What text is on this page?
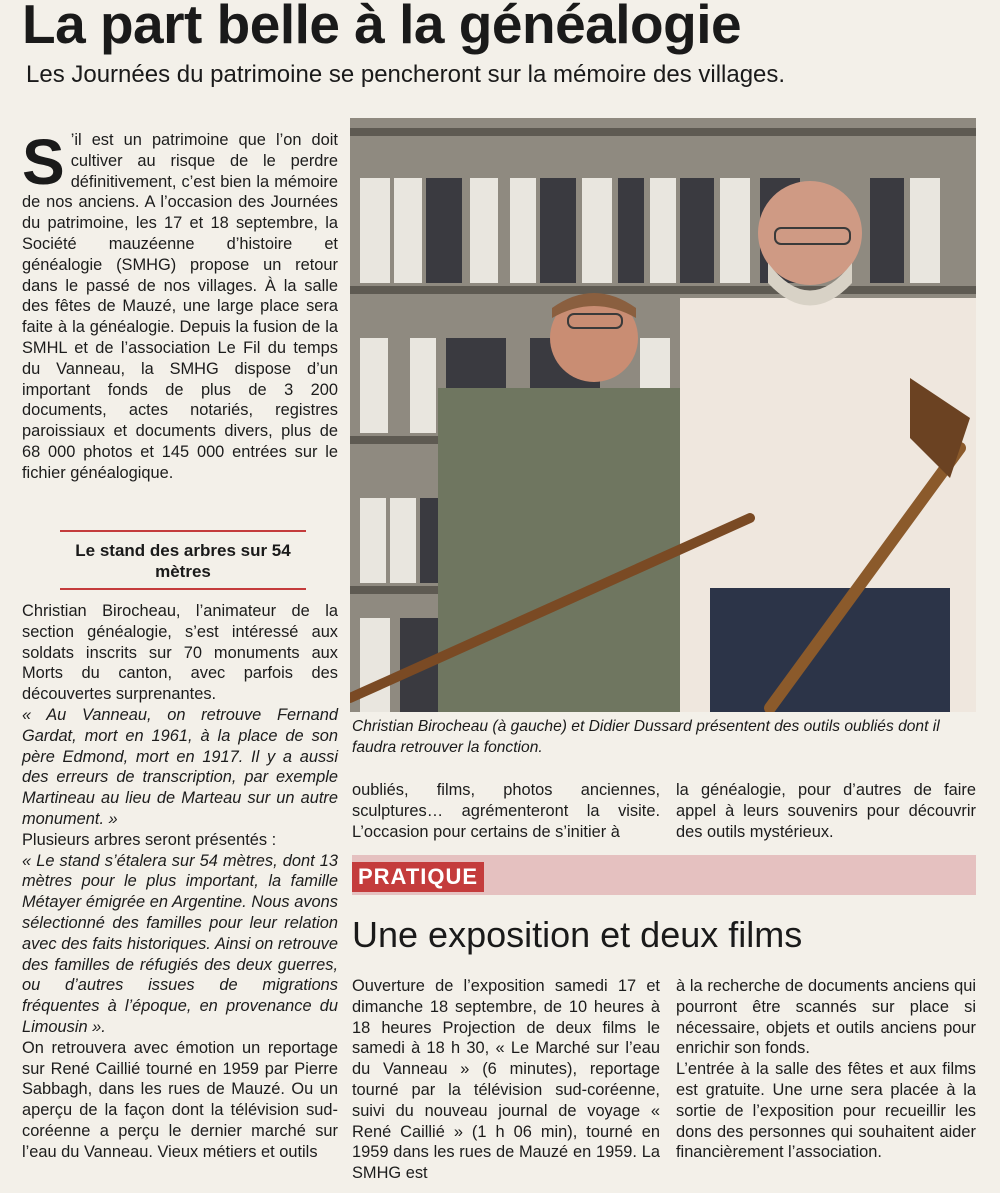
La part belle à la généalogie

Les Journées du patrimoine se pencheront sur la mémoire des villages.

S ’il est un patrimoine que l’on doit cultiver au risque de le perdre définitivement, c’est bien la mémoire de nos anciens. A l’occasion des Journées du patrimoine, les 17 et 18 septembre, la Société mauzéenne d’histoire et généalogie (SMHG) propose un retour dans le passé de nos villages. À la salle des fêtes de Mauzé, une large place sera faite à la généalogie. Depuis la fusion de la SMHL et de l’association Le Fil du temps du Vanneau, la SMHG dispose d’un important fonds de plus de 3 200 documents, actes notariés, registres paroissiaux et documents divers, plus de 68 000 photos et 145 000 entrées sur le fichier généalogique.

Le stand des arbres sur 54 mètres

Christian Birocheau, l’animateur de la section généalogie, s’est intéressé aux soldats inscrits sur 70 monuments aux Morts du canton, avec parfois des découvertes surprenantes.

« Au Vanneau, on retrouve Fernand Gardat, mort en 1961, à la place de son père Edmond, mort en 1917. Il y a aussi des erreurs de transcription, par exemple Martineau au lieu de Marteau sur un autre monument. »

Plusieurs arbres seront présentés :

« Le stand s’étalera sur 54 mètres, dont 13 mètres pour le plus important, la famille Métayer émigrée en Argentine. Nous avons sélectionné des familles pour leur relation avec des faits historiques. Ainsi on retrouve des familles de réfugiés des deux guerres, ou d’autres issues de migrations fréquentes à l’époque, en provenance du Limousin ».

On retrouvera avec émotion un reportage sur René Caillié tourné en 1959 par Pierre Sabbagh, dans les rues de Mauzé. Ou un aperçu de la façon dont la télévision sud-coréenne a perçu le dernier marché sur l’eau du Vanneau. Vieux métiers et outils

Christian Birocheau (à gauche) et Didier Dussard présentent des outils oubliés dont il faudra retrouver la fonction.

oubliés, films, photos anciennes, sculptures… agrémenteront la visite. L’occasion pour certains de s’initier à

la généalogie, pour d’autres de faire appel à leurs souvenirs pour découvrir des outils mystérieux.

PRATIQUE
Une exposition et deux films

Ouverture de l’exposition samedi 17 et dimanche 18 septembre, de 10 heures à 18 heures Projection de deux films le samedi à 18 h 30, « Le Marché sur l’eau du Vanneau » (6 minutes), reportage tourné par la télévision sud-coréenne, suivi du nouveau journal de voyage « René Caillié » (1 h 06 min), tourné en 1959 dans les rues de Mauzé en 1959. La SMHG est

à la recherche de documents anciens qui pourront être scannés sur place si nécessaire, objets et outils anciens pour enrichir son fonds.

L’entrée à la salle des fêtes et aux films est gratuite. Une urne sera placée à la sortie de l’exposition pour recueillir les dons des personnes qui souhaitent aider financièrement l’association.
